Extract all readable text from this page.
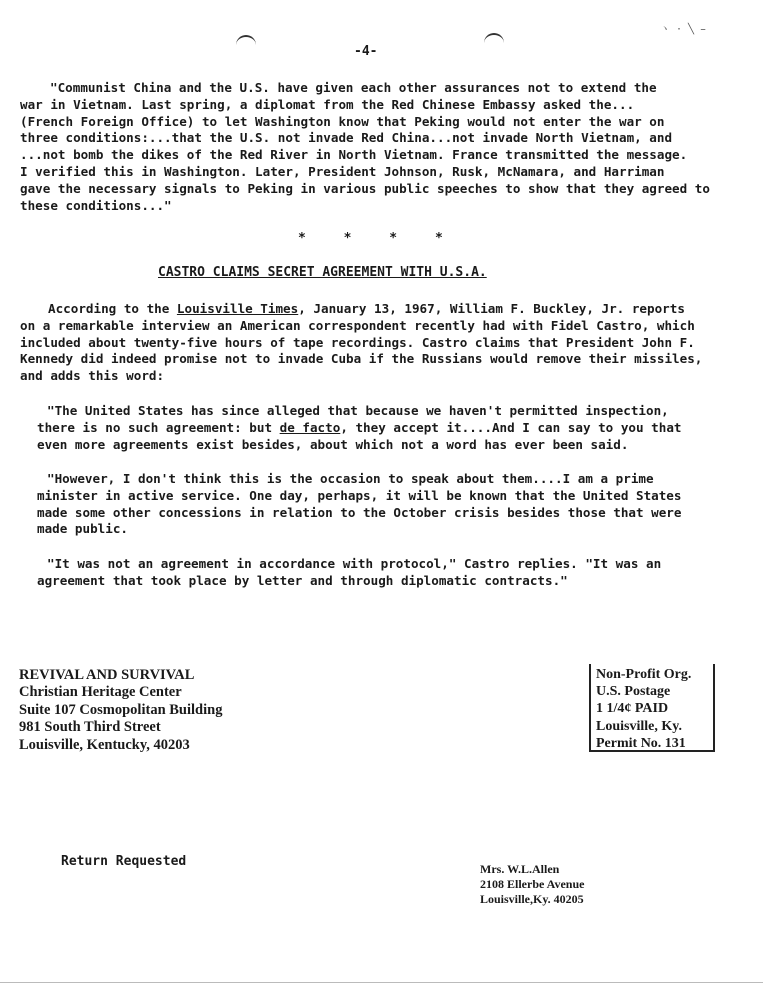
ヽ · ╲ ̵
-4-
"Communist China and the U.S. have given each other assurances not to extend the
war in Vietnam. Last spring, a diplomat from the Red Chinese Embassy asked the...
(French Foreign Office) to let Washington know that Peking would not enter the war on
three conditions:...that the U.S. not invade Red China...not invade North Vietnam, and
...not bomb the dikes of the Red River in North Vietnam. France transmitted the message.
I verified this in Washington. Later, President Johnson, Rusk, McNamara, and Harriman
gave the necessary signals to Peking in various public speeches to show that they agreed to
these conditions..."
* * * *
CASTRO CLAIMS SECRET AGREEMENT WITH U.S.A.
According to the Louisville Times, January 13, 1967, William F. Buckley, Jr. reports
on a remarkable interview an American correspondent recently had with Fidel Castro, which
included about twenty-five hours of tape recordings. Castro claims that President John F.
Kennedy did indeed promise not to invade Cuba if the Russians would remove their missiles,
and adds this word:
"The United States has since alleged that because we haven't permitted inspection,
there is no such agreement: but de facto, they accept it....And I can say to you that
even more agreements exist besides, about which not a word has ever been said.
"However, I don't think this is the occasion to speak about them....I am a prime
minister in active service. One day, perhaps, it will be known that the United States
made some other concessions in relation to the October crisis besides those that were
made public.
"It was not an agreement in accordance with protocol," Castro replies. "It was an
agreement that took place by letter and through diplomatic contracts."
REVIVAL AND SURVIVAL
Christian Heritage Center
Suite 107 Cosmopolitan Building
981 South Third Street
Louisville, Kentucky, 40203
Non-Profit Org.
U.S. Postage
1 1/4¢ PAID
Louisville, Ky.
Permit No. 131
Return Requested	Mrs. W.L.Allen
2108 Ellerbe Avenue
Louisville,Ky. 40205
